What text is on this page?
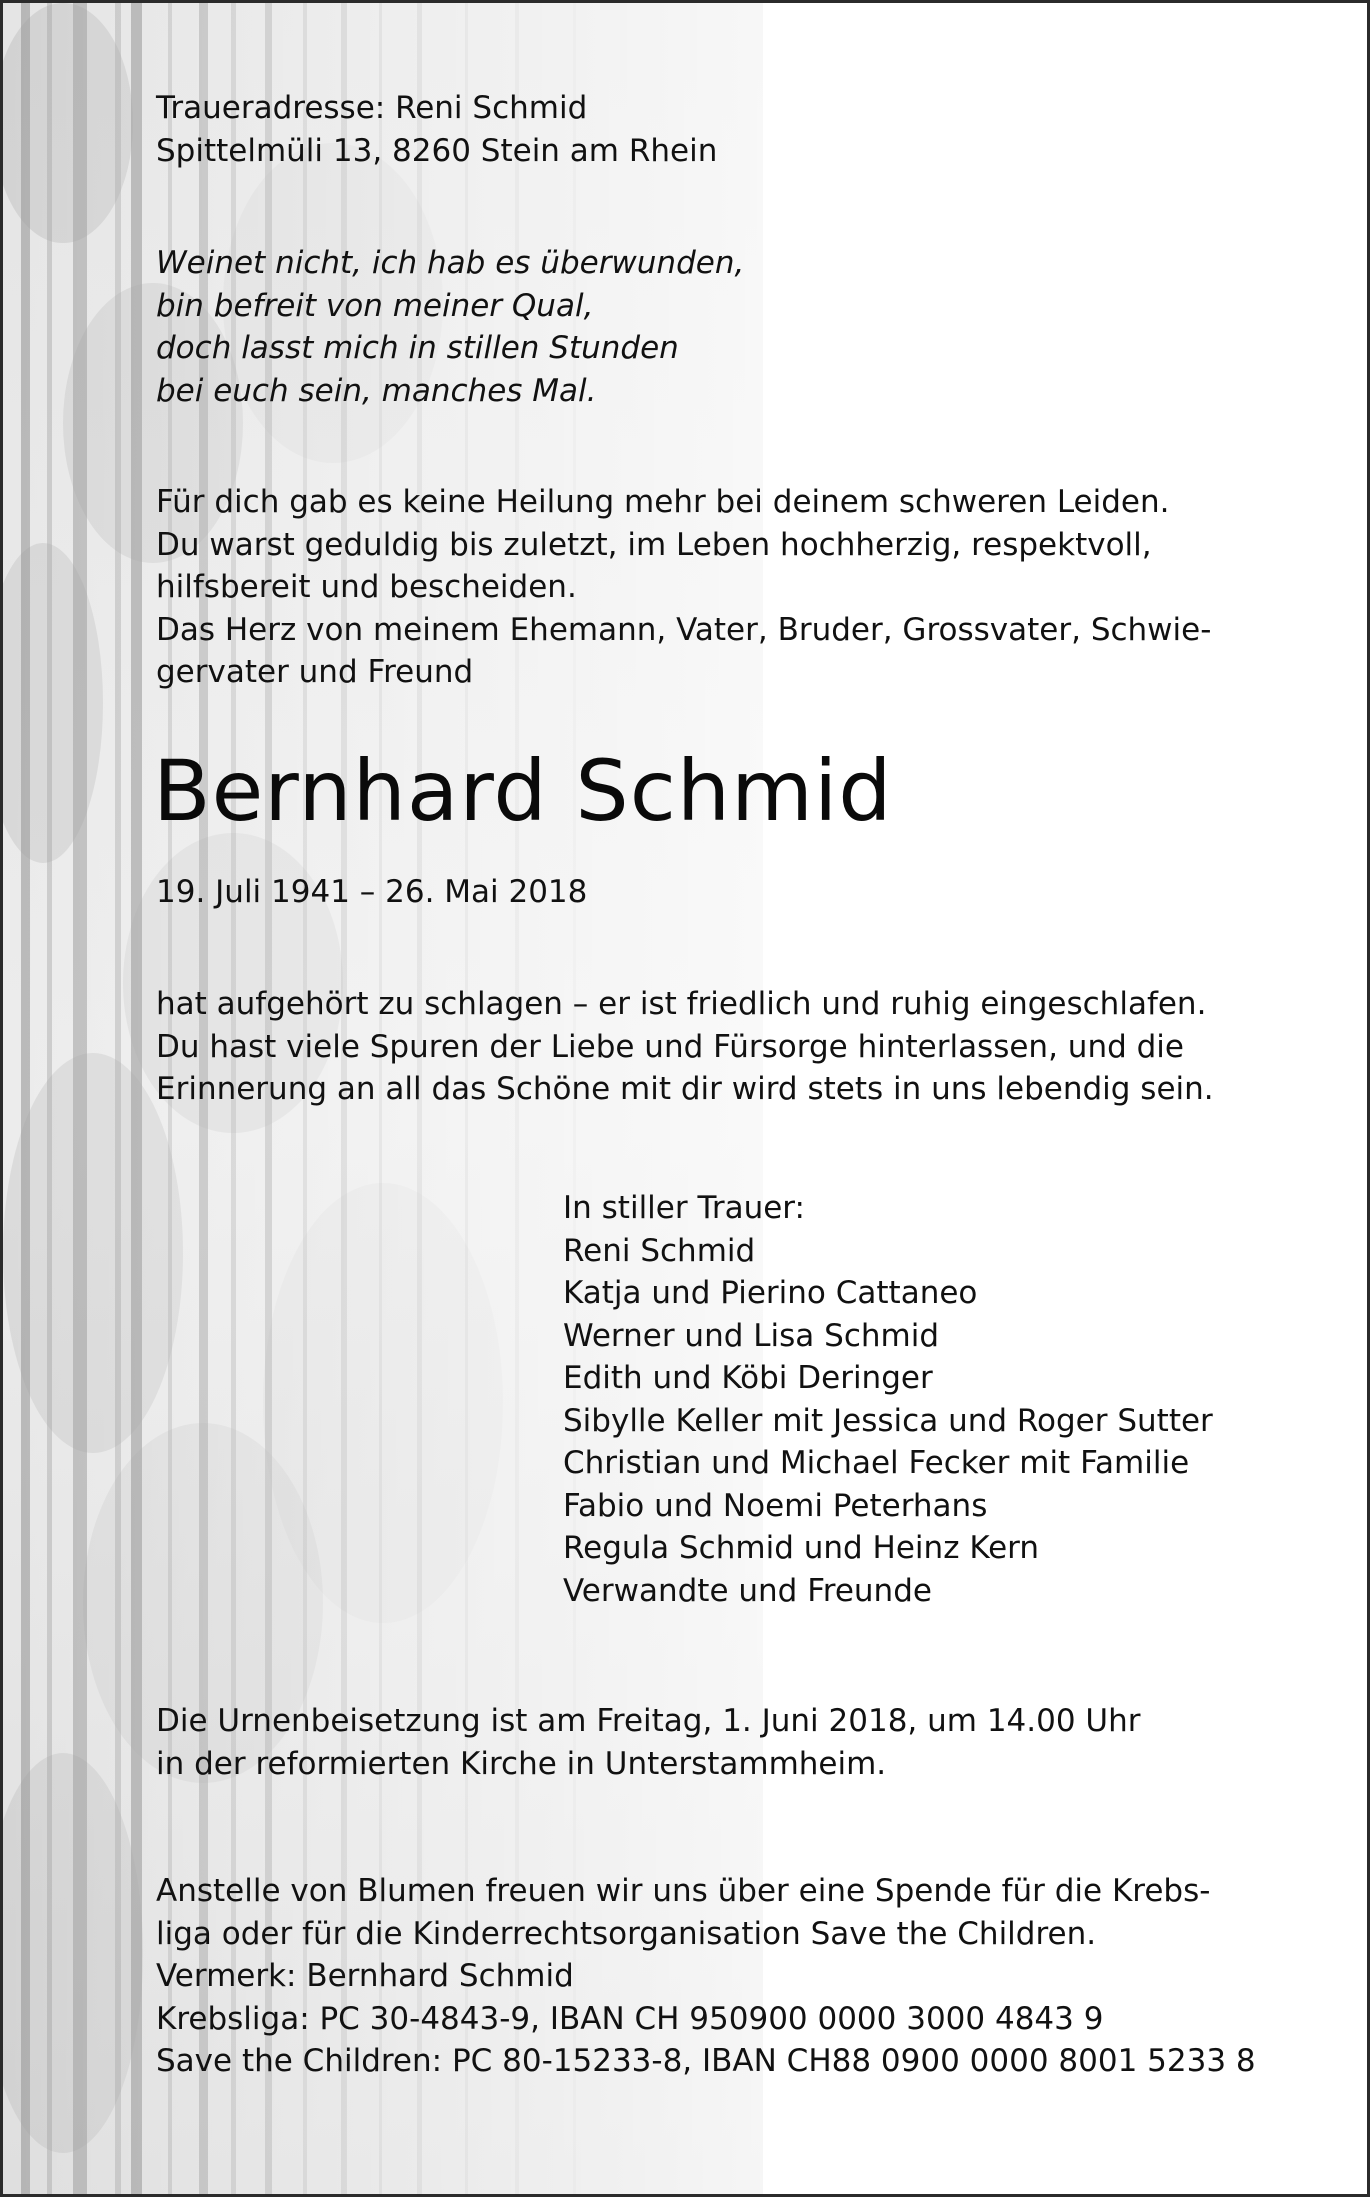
Traueradresse: Reni Schmid

Spittelmüli 13, 8260 Stein am Rhein

Weinet nicht, ich hab es überwunden,

bin befreit von meiner Qual,

doch lasst mich in stillen Stunden

bei euch sein, manches Mal.

Für dich gab es keine Heilung mehr bei deinem schweren Leiden.

Du warst geduldig bis zuletzt, im Leben hochherzig, respektvoll,

hilfsbereit und bescheiden.

Das Herz von meinem Ehemann, Vater, Bruder, Grossvater, Schwie-

gervater und Freund

Bernhard Schmid

19. Juli 1941 – 26. Mai 2018

hat aufgehört zu schlagen – er ist friedlich und ruhig eingeschlafen.

Du hast viele Spuren der Liebe und Fürsorge hinterlassen, und die

Erinnerung an all das Schöne mit dir wird stets in uns lebendig sein.

In stiller Trauer:

Reni Schmid

Katja und Pierino Cattaneo

Werner und Lisa Schmid

Edith und Köbi Deringer

Sibylle Keller mit Jessica und Roger Sutter

Christian und Michael Fecker mit Familie

Fabio und Noemi Peterhans

Regula Schmid und Heinz Kern

Verwandte und Freunde

Die Urnenbeisetzung ist am Freitag, 1. Juni 2018, um 14.00 Uhr

in der reformierten Kirche in Unterstammheim.

Anstelle von Blumen freuen wir uns über eine Spende für die Krebs-

liga oder für die Kinderrechtsorganisation Save the Children.

Vermerk: Bernhard Schmid

Krebsliga: PC 30-4843-9, IBAN CH 950900 0000 3000 4843 9

Save the Children: PC 80-15233-8, IBAN CH88 0900 0000 8001 5233 8
